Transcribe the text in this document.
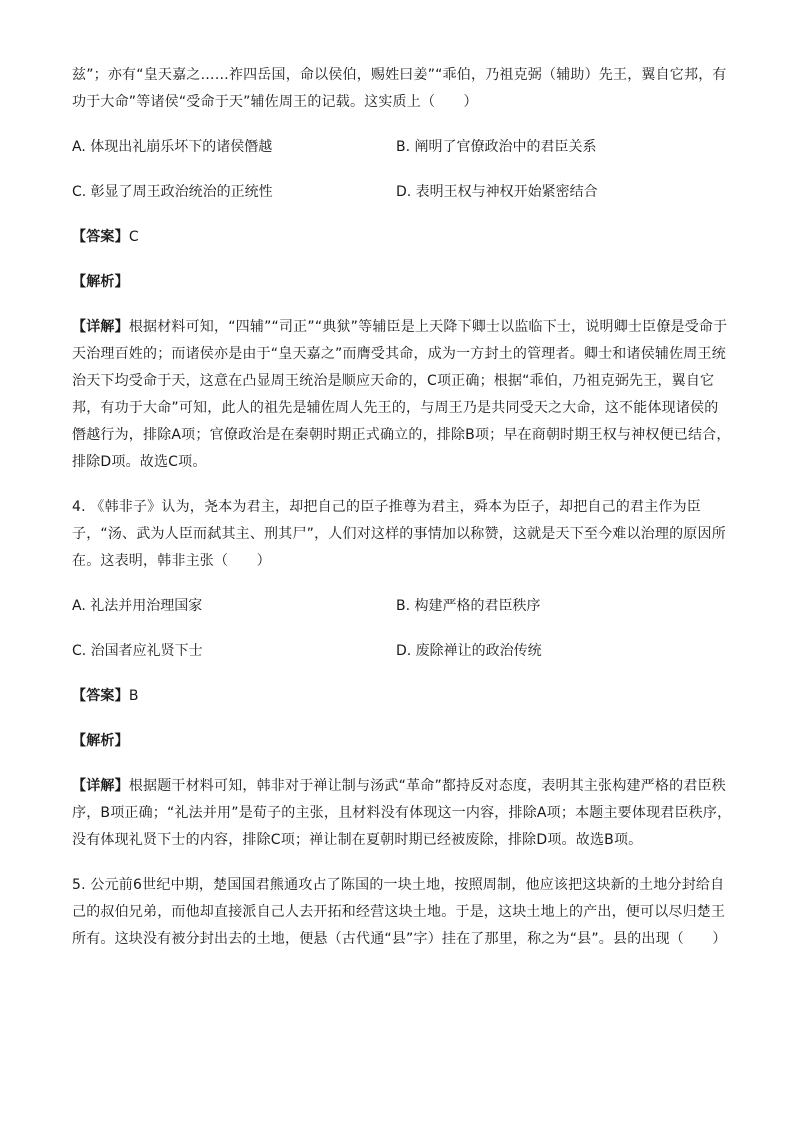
兹”；亦有“皇天嘉之……祚四岳国，命以侯伯，赐姓曰姜”“乖伯，乃祖克弼（辅助）先王，翼自它邦，有功于大命”等诸侯“受命于天”辅佐周王的记载。这实质上（　　）

A. 体现出礼崩乐坏下的诸侯僭越	B. 阐明了官僚政治中的君臣关系
C. 彰显了周王政治统治的正统性	D. 表明王权与神权开始紧密结合

【答案】C

【解析】

【详解】根据材料可知，“四辅”“司正”“典狱”等辅臣是上天降下卿士以监临下士，说明卿士臣僚是受命于天治理百姓的；而诸侯亦是由于“皇天嘉之”而膺受其命，成为一方封土的管理者。卿士和诸侯辅佐周王统治天下均受命于天，这意在凸显周王统治是顺应天命的，C项正确；根据“乖伯，乃祖克弼先王，翼自它邦，有功于大命”可知，此人的祖先是辅佐周人先王的，与周王乃是共同受天之大命，这不能体现诸侯的僭越行为，排除A项；官僚政治是在秦朝时期正式确立的，排除B项；早在商朝时期王权与神权便已结合，排除D项。故选C项。

4. 《韩非子》认为，尧本为君主，却把自己的臣子推尊为君主，舜本为臣子，却把自己的君主作为臣子，“汤、武为人臣而弑其主、刑其尸”，人们对这样的事情加以称赞，这就是天下至今难以治理的原因所在。这表明，韩非主张（　　）

A. 礼法并用治理国家	B. 构建严格的君臣秩序
C. 治国者应礼贤下士	D. 废除禅让的政治传统

【答案】B

【解析】

【详解】根据题干材料可知，韩非对于禅让制与汤武“革命”都持反对态度，表明其主张构建严格的君臣秩序，B项正确；“礼法并用”是荀子的主张，且材料没有体现这一内容，排除A项；本题主要体现君臣秩序，没有体现礼贤下士的内容，排除C项；禅让制在夏朝时期已经被废除，排除D项。故选B项。

5. 公元前6世纪中期，楚国国君熊通攻占了陈国的一块土地，按照周制，他应该把这块新的土地分封给自己的叔伯兄弟，而他却直接派自己人去开拓和经营这块土地。于是，这块土地上的产出，便可以尽归楚王所有。这块没有被分封出去的土地，便悬（古代通“县”字）挂在了那里，称之为“县”。县的出现（　　）
